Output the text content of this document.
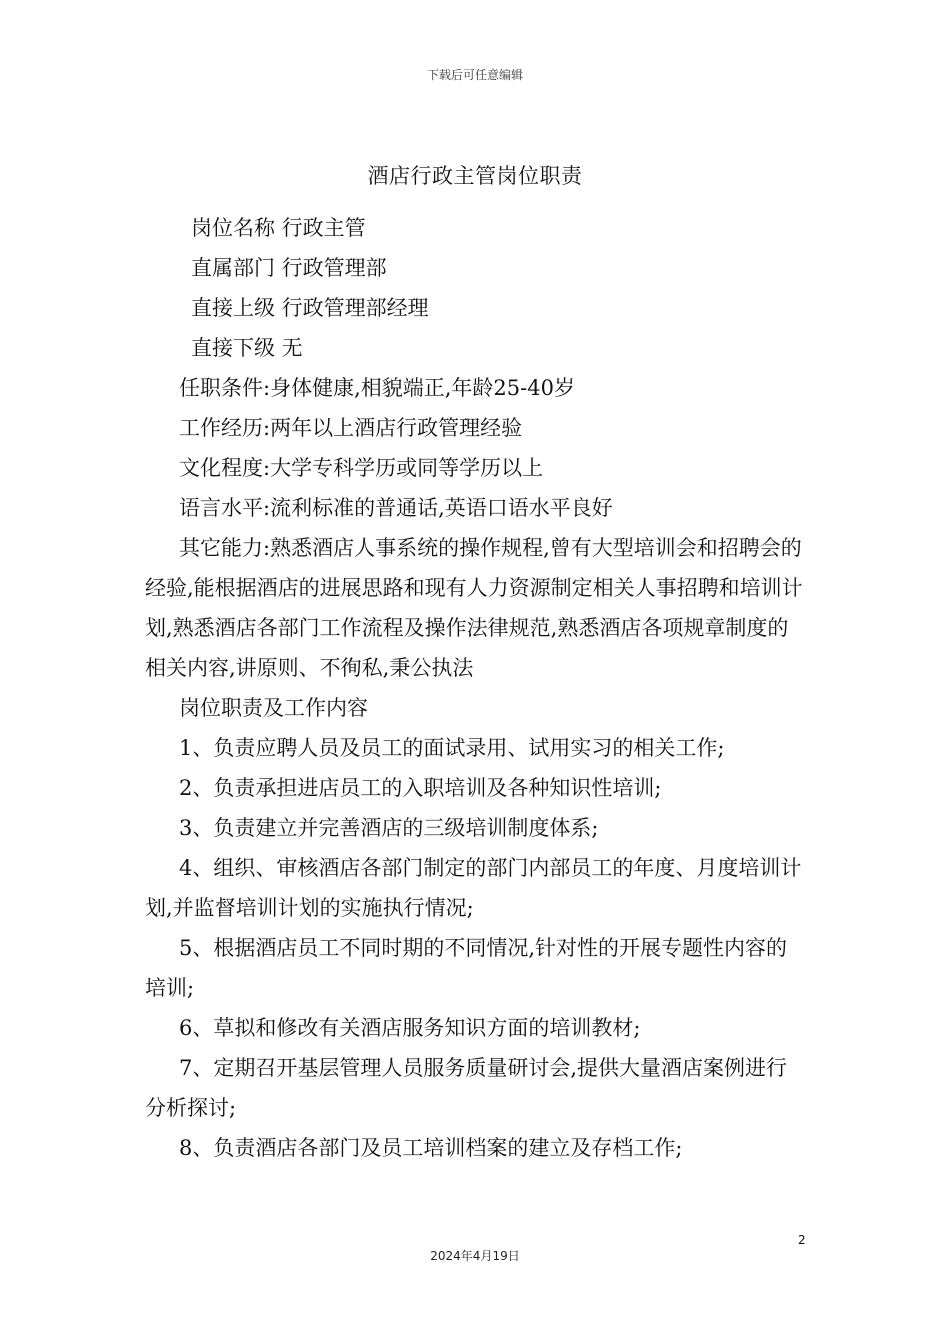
下载后可任意编辑
酒店行政主管岗位职责

岗位名称 行政主管

直属部门 行政管理部

直接上级 行政管理部经理

直接下级 无

任职条件:身体健康,相貌端正,年龄25-40岁

工作经历:两年以上酒店行政管理经验

文化程度:大学专科学历或同等学历以上

语言水平:流利标准的普通话,英语口语水平良好

其它能力:熟悉酒店人事系统的操作规程,曾有大型培训会和招聘会的经验,能根据酒店的进展思路和现有人力资源制定相关人事招聘和培训计划,熟悉酒店各部门工作流程及操作法律规范,熟悉酒店各项规章制度的相关内容,讲原则、不徇私,秉公执法

岗位职责及工作内容

1、负责应聘人员及员工的面试录用、试用实习的相关工作;

2、负责承担进店员工的入职培训及各种知识性培训;

3、负责建立并完善酒店的三级培训制度体系;

4、组织、审核酒店各部门制定的部门内部员工的年度、月度培训计划,并监督培训计划的实施执行情况;

5、根据酒店员工不同时期的不同情况,针对性的开展专题性内容的培训;

6、草拟和修改有关酒店服务知识方面的培训教材;

7、定期召开基层管理人员服务质量研讨会,提供大量酒店案例进行分析探讨;

8、负责酒店各部门及员工培训档案的建立及存档工作;

2
2024年4月19日
